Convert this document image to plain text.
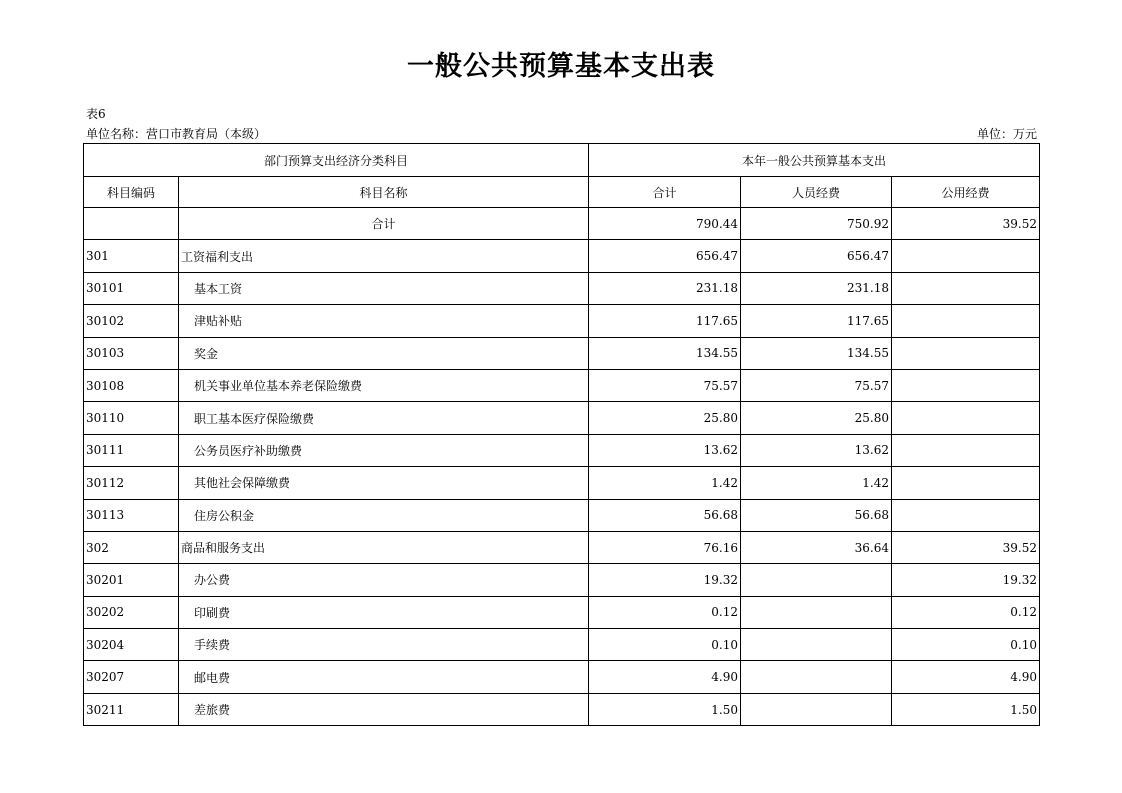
一般公共预算基本支出表
表6
单位名称：营口市教育局（本级）	单位：万元
部门预算支出经济分类科目		本年一般公共预算基本支出		
科目编码	科目名称	合计	人员经费	公用经费
	合计	790.44	750.92	39.52
301	工资福利支出	656.47	656.47	
30101	基本工资	231.18	231.18	
30102	津贴补贴	117.65	117.65	
30103	奖金	134.55	134.55	
30108	机关事业单位基本养老保险缴费	75.57	75.57	
30110	职工基本医疗保险缴费	25.80	25.80	
30111	公务员医疗补助缴费	13.62	13.62	
30112	其他社会保障缴费	1.42	1.42	
30113	住房公积金	56.68	56.68	
302	商品和服务支出	76.16	36.64	39.52
30201	办公费	19.32		19.32
30202	印刷费	0.12		0.12
30204	手续费	0.10		0.10
30207	邮电费	4.90		4.90
30211	差旅费	1.50		1.50
